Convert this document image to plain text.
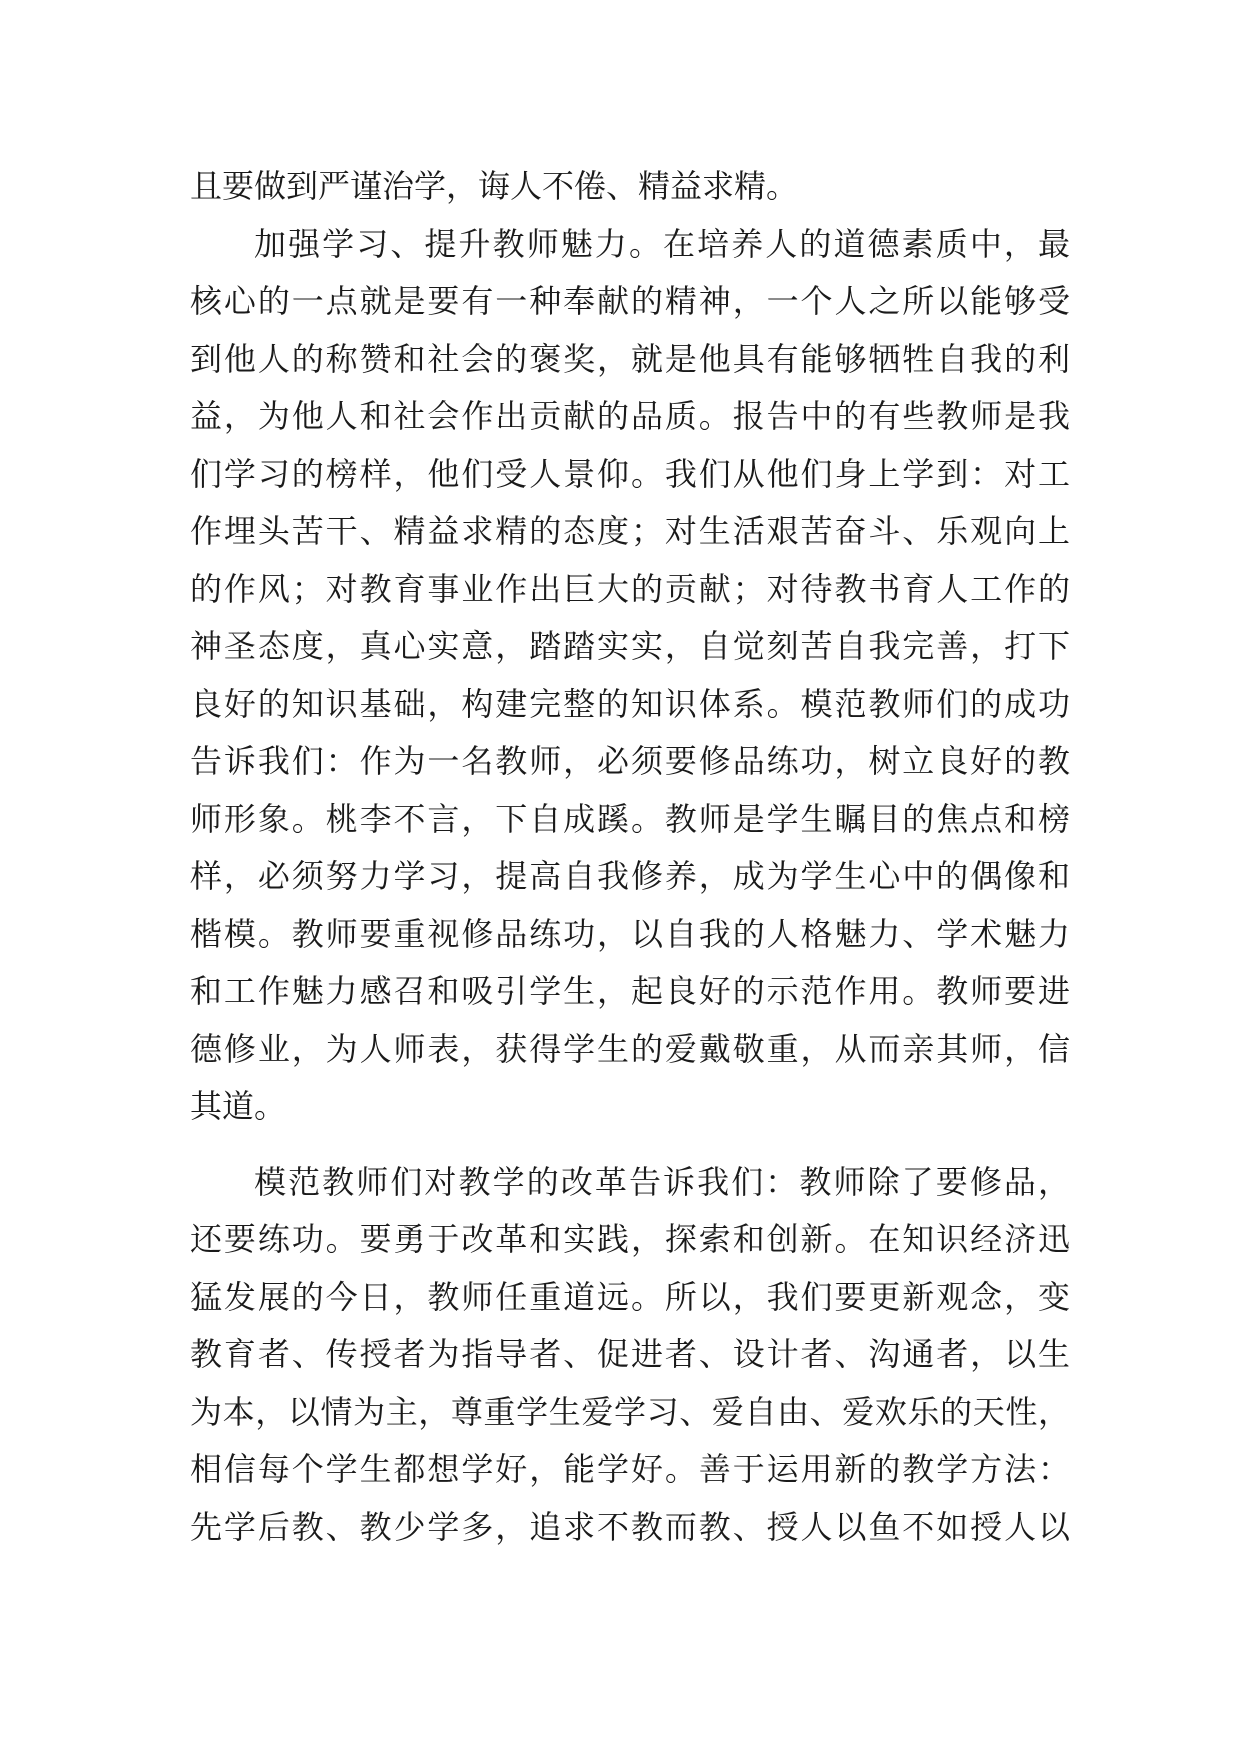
且要做到严谨治学，诲人不倦、精益求精。
加强学习、提升教师魅力。在培养人的道德素质中，最
核心的一点就是要有一种奉献的精神，一个人之所以能够受
到他人的称赞和社会的褒奖，就是他具有能够牺牲自我的利
益，为他人和社会作出贡献的品质。报告中的有些教师是我
们学习的榜样，他们受人景仰。我们从他们身上学到：对工
作埋头苦干、精益求精的态度；对生活艰苦奋斗、乐观向上
的作风；对教育事业作出巨大的贡献；对待教书育人工作的
神圣态度，真心实意，踏踏实实，自觉刻苦自我完善，打下
良好的知识基础，构建完整的知识体系。模范教师们的成功
告诉我们：作为一名教师，必须要修品练功，树立良好的教
师形象。桃李不言，下自成蹊。教师是学生瞩目的焦点和榜
样，必须努力学习，提高自我修养，成为学生心中的偶像和
楷模。教师要重视修品练功，以自我的人格魅力、学术魅力
和工作魅力感召和吸引学生，起良好的示范作用。教师要进
德修业，为人师表，获得学生的爱戴敬重，从而亲其师，信
其道。
模范教师们对教学的改革告诉我们：教师除了要修品，
还要练功。要勇于改革和实践，探索和创新。在知识经济迅
猛发展的今日，教师任重道远。所以，我们要更新观念，变
教育者、传授者为指导者、促进者、设计者、沟通者，以生
为本，以情为主，尊重学生爱学习、爱自由、爱欢乐的天性，
相信每个学生都想学好，能学好。善于运用新的教学方法：
先学后教、教少学多，追求不教而教、授人以鱼不如授人以
